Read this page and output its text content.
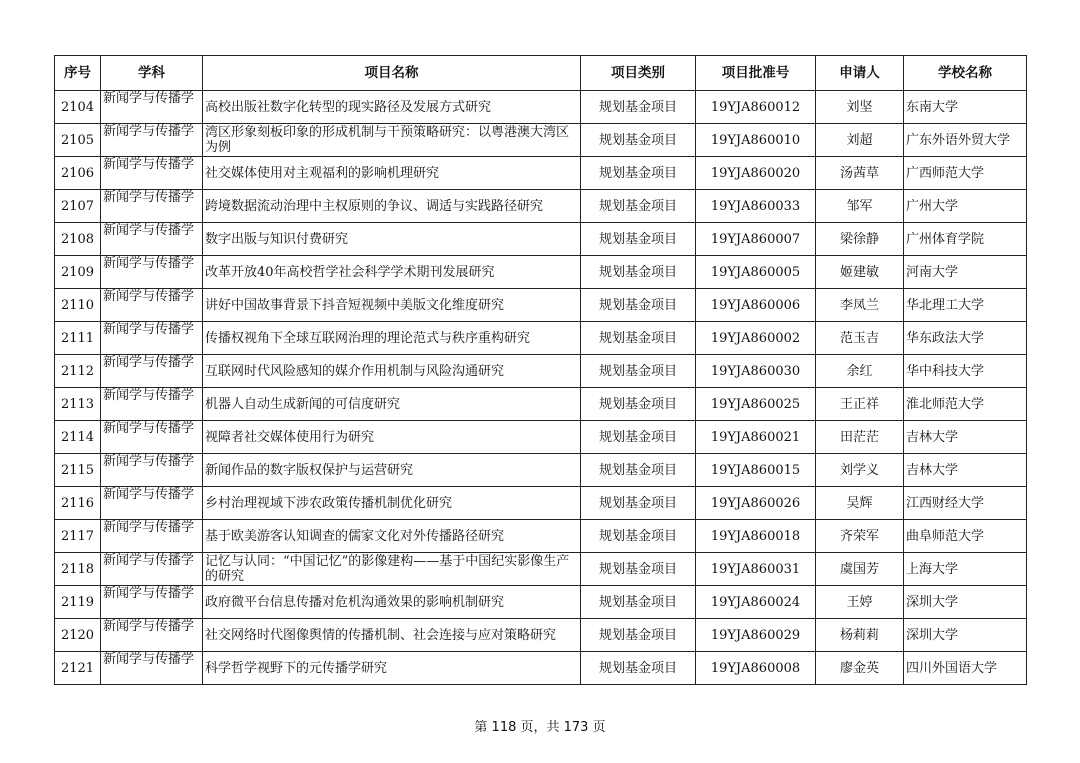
序号	学科	项目名称	项目类别	项目批准号	申请人	学校名称
2104	新闻学与传播学	高校出版社数字化转型的现实路径及发展方式研究	规划基金项目	19YJA860012	刘坚	东南大学

2105	新闻学与传播学	湾区形象刻板印象的形成机制与干预策略研究：以粤港澳大湾区为例	规划基金项目	19YJA860010	刘超	广东外语外贸大学

2106	新闻学与传播学	社交媒体使用对主观福利的影响机理研究	规划基金项目	19YJA860020	汤茜草	广西师范大学

2107	新闻学与传播学	跨境数据流动治理中主权原则的争议、调适与实践路径研究	规划基金项目	19YJA860033	邹军	广州大学

2108	新闻学与传播学	数字出版与知识付费研究	规划基金项目	19YJA860007	梁徐静	广州体育学院

2109	新闻学与传播学	改革开放40年高校哲学社会科学学术期刊发展研究	规划基金项目	19YJA860005	姬建敏	河南大学

2110	新闻学与传播学	讲好中国故事背景下抖音短视频中美版文化维度研究	规划基金项目	19YJA860006	李凤兰	华北理工大学

2111	新闻学与传播学	传播权视角下全球互联网治理的理论范式与秩序重构研究	规划基金项目	19YJA860002	范玉吉	华东政法大学

2112	新闻学与传播学	互联网时代风险感知的媒介作用机制与风险沟通研究	规划基金项目	19YJA860030	余红	华中科技大学

2113	新闻学与传播学	机器人自动生成新闻的可信度研究	规划基金项目	19YJA860025	王正祥	淮北师范大学

2114	新闻学与传播学	视障者社交媒体使用行为研究	规划基金项目	19YJA860021	田茫茫	吉林大学

2115	新闻学与传播学	新闻作品的数字版权保护与运营研究	规划基金项目	19YJA860015	刘学义	吉林大学

2116	新闻学与传播学	乡村治理视域下涉农政策传播机制优化研究	规划基金项目	19YJA860026	吴辉	江西财经大学

2117	新闻学与传播学	基于欧美游客认知调查的儒家文化对外传播路径研究	规划基金项目	19YJA860018	齐荣军	曲阜师范大学

2118	新闻学与传播学	记忆与认同：“中国记忆”的影像建构——基于中国纪实影像生产的研究	规划基金项目	19YJA860031	虞国芳	上海大学

2119	新闻学与传播学	政府微平台信息传播对危机沟通效果的影响机制研究	规划基金项目	19YJA860024	王婷	深圳大学

2120	新闻学与传播学	社交网络时代图像舆情的传播机制、社会连接与应对策略研究	规划基金项目	19YJA860029	杨莉莉	深圳大学

2121	新闻学与传播学	科学哲学视野下的元传播学研究	规划基金项目	19YJA860008	廖金英	四川外国语大学
第 118 页，共 173 页
